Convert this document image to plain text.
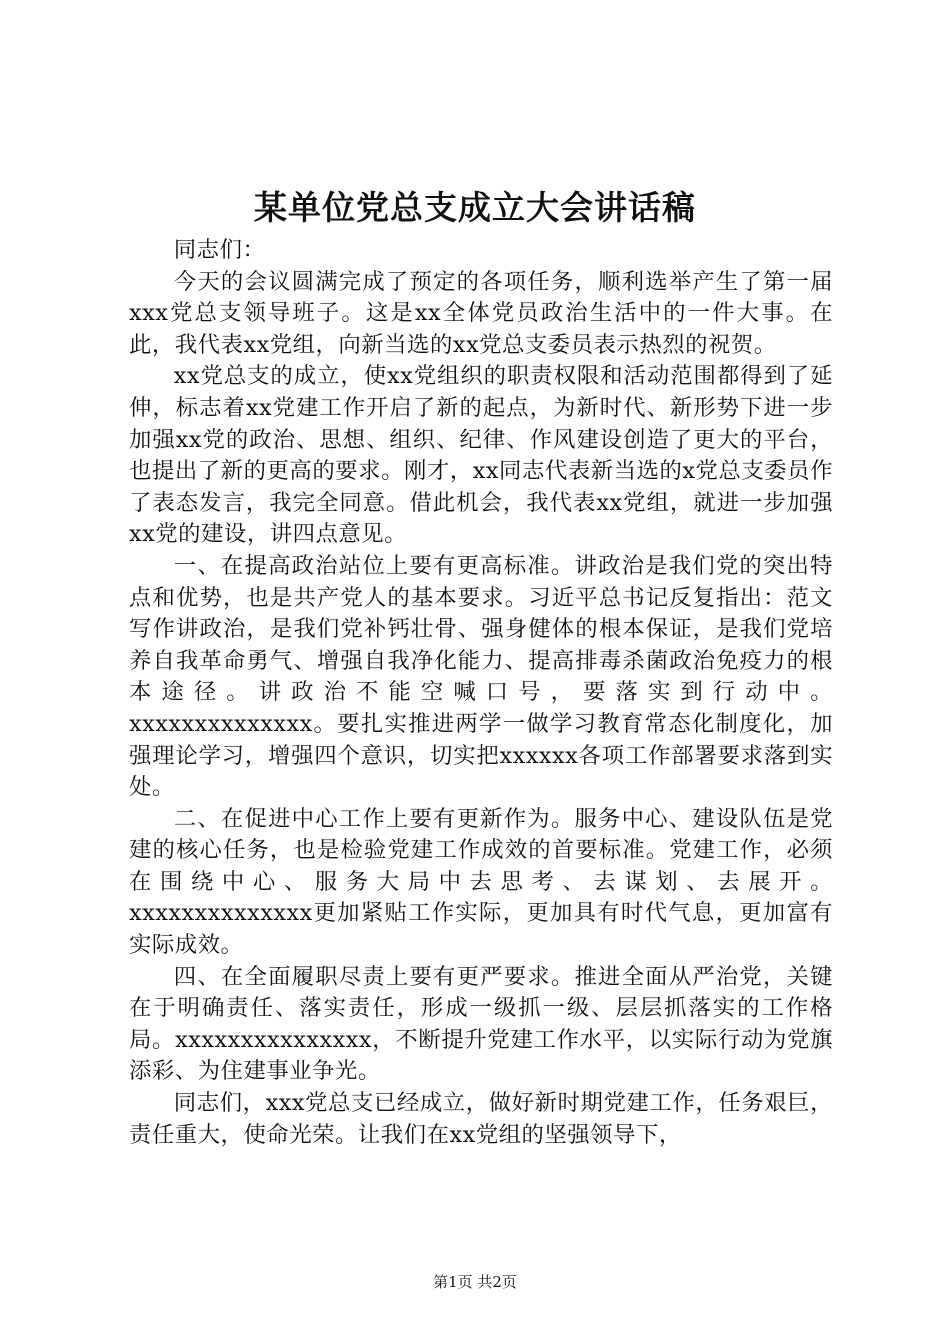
某单位党总支成立大会讲话稿

同志们：

今天的会议圆满完成了预定的各项任务，顺利选举产生了第一届xxx党总支领导班子。这是xx全体党员政治生活中的一件大事。在此，我代表xx党组，向新当选的xx党总支委员表示热烈的祝贺。

xx党总支的成立，使xx党组织的职责权限和活动范围都得到了延伸，标志着xx党建工作开启了新的起点，为新时代、新形势下进一步加强xx党的政治、思想、组织、纪律、作风建设创造了更大的平台，也提出了新的更高的要求。刚才，xx同志代表新当选的x党总支委员作了表态发言，我完全同意。借此机会，我代表xx党组，就进一步加强xx党的建设，讲四点意见。

一、在提高政治站位上要有更高标准。讲政治是我们党的突出特点和优势，也是共产党人的基本要求。习近平总书记反复指出：范文写作讲政治，是我们党补钙壮骨、强身健体的根本保证，是我们党培养自我革命勇气、增强自我净化能力、提高排毒杀菌政治免疫力的根本途径。讲政治不能空喊口号，要落实到行动中。xxxxxxxxxxxxxx。要扎实推进两学一做学习教育常态化制度化，加强理论学习，增强四个意识，切实把xxxxxx各项工作部署要求落到实处。

二、在促进中心工作上要有更新作为。服务中心、建设队伍是党建的核心任务，也是检验党建工作成效的首要标准。党建工作，必须在围绕中心、服务大局中去思考、去谋划、去展开。xxxxxxxxxxxxxx更加紧贴工作实际，更加具有时代气息，更加富有实际成效。

四、在全面履职尽责上要有更严要求。推进全面从严治党，关键在于明确责任、落实责任，形成一级抓一级、层层抓落实的工作格局。xxxxxxxxxxxxxxx，不断提升党建工作水平，以实际行动为党旗添彩、为住建事业争光。

同志们，xxx党总支已经成立，做好新时期党建工作，任务艰巨，责任重大，使命光荣。让我们在xx党组的坚强领导下，

第1页 共2页
